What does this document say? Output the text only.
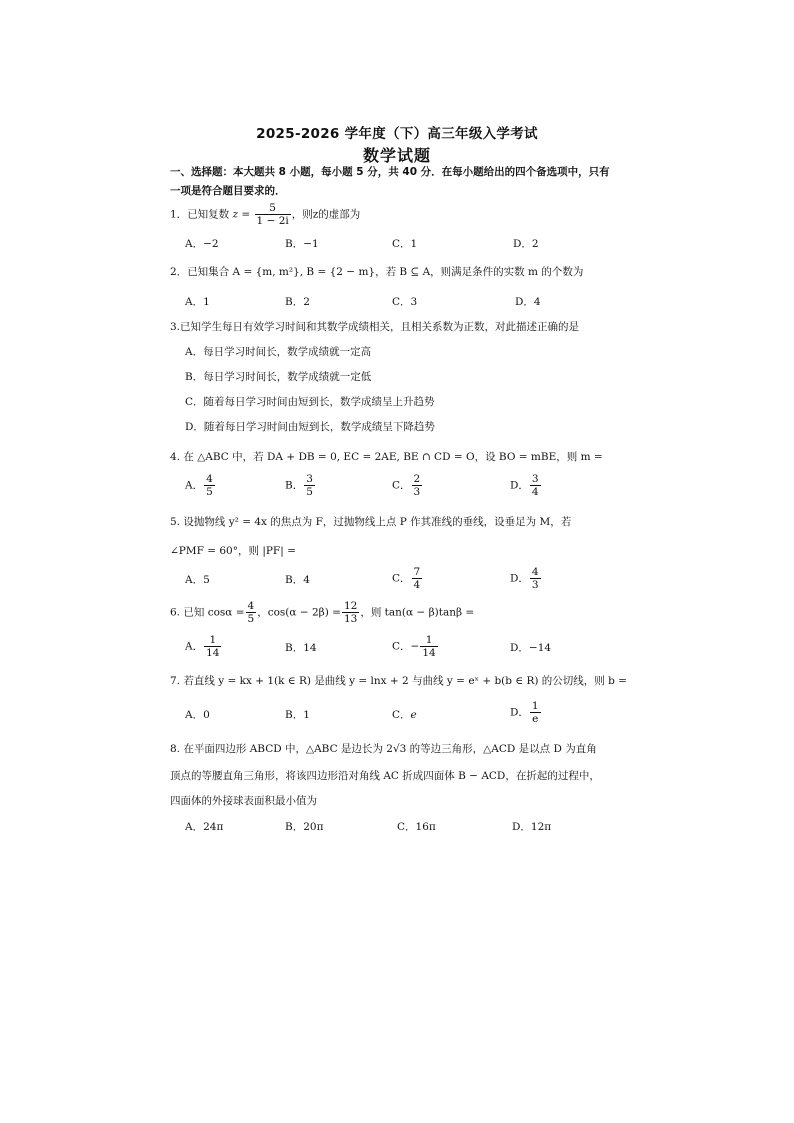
2025-2026 学年度（下）高三年级入学考试
数学试题
一、选择题：本大题共 8 小题，每小题 5 分，共 40 分．在每小题给出的四个备选项中，只有一项是符合题目要求的．
1．已知复数 $z = \frac{5}{1 - 2i}$ ，则z的虚部为
A．−2	B．−1	C．1	D．2
2．已知集合 A = {m, m²}, B = {2 − m}，若 B ⊆ A，则满足条件的实数 m 的个数为
A．1	B．2	C．3	D．4
3.已知学生每日有效学习时间和其数学成绩相关，且相关系数为正数，对此描述正确的是
A．每日学习时间长，数学成绩就一定高
B．每日学习时间长，数学成绩就一定低
C．随着每日学习时间由短到长，数学成绩呈上升趋势
D．随着每日学习时间由短到长，数学成绩呈下降趋势
4. 在 △ABC 中，若 DA + DB = 0, EC = 2AE, BE ∩ CD = O，设 BO = mBE，则 m =
A． $\frac{4}{5}$	B． $\frac{3}{5}$	C． $\frac{2}{3}$	D． $\frac{3}{4}$
5. 设抛物线 y² = 4x 的焦点为 F，过抛物线上点 P 作其准线的垂线，设垂足为 M，若
∠PMF = 60°，则 |PF| =
A．5	B．4	C． $\frac{7}{4}$	D． $\frac{4}{3}$
6. 已知 $\cos\alpha = \frac{4}{5}$ ，$\cos(\alpha - 2\beta) = \frac{12}{13}$ ，则 tan(α − β)tanβ =
A． $\frac{1}{14}$	B．14	C．− $\frac{1}{14}$	D．−14
7. 若直线 y = kx + 1(k ∈ R) 是曲线 y = lnx + 2 与曲线 y = eˣ + b(b ∈ R) 的公切线，则 b =
A．0	B．1	C．e	D． $\frac{1}{e}$
8. 在平面四边形 ABCD 中，△ABC 是边长为 2√3 的等边三角形，△ACD 是以点 D 为直角
顶点的等腰直角三角形，将该四边形沿对角线 AC 折成四面体 B − ACD，在折起的过程中，
四面体的外接球表面积最小值为
A．24π	B．20π	C．16π	D．12π
